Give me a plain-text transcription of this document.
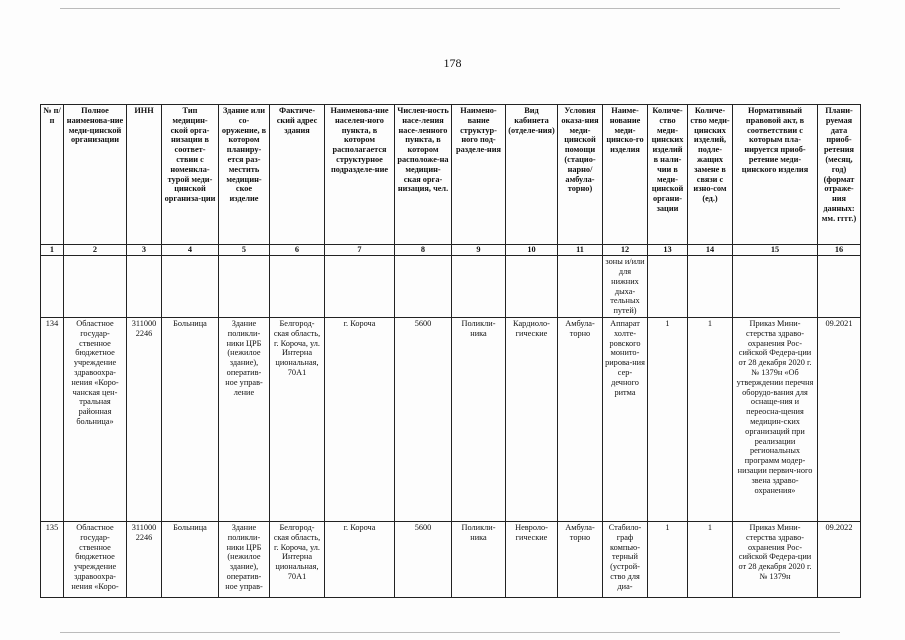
178
№ п/п	Полное наименова-ние меди-цинской организации	ИНН	Тип медицин-ской орга-низации в соответ-ствии с номенкла-турой меди-цинской организа-ции	Здание или со-оружение, в котором планиру-ется раз-местить медицин-ское изделие	Фактиче-ский адрес здания	Наименова-ние населен-ного пункта, в котором располагается структурное подразделе-ние	Числен-ность насе-ления насе-ленного пункта, в котором расположе-на медицин-ская орга-низация, чел.	Наимено-вание структур-ного под-разделе-ния	Вид кабинета (отделе-ния)	Условия оказа-ния меди-цинской помощи (стацио-нарно/ амбула-торно)	Наиме-нование меди-цинско-го изделия	Количе-ство меди-цинских изделий в нали-чии в меди-цинской органи-зации	Количе-ство меди-цинских изделий, подле-жащих замене в связи с изно-сом (ед.)	Нормативный правовой акт, в соответствии с которым пла-нируется приоб-ретение меди-цинского изделия	Плани-руемая дата приоб-ретения (месяц, год) (формат отраже-ния данных: мм. гггг.)
1	2	3	4	5	6	7	8	9	10	11	12	13	14	15	16
											зоны и/или для нижних дыха-тельных путей)				
134	Областное государ-ственное бюджетное учреждение здравоохра-нения «Коро-чанская цен-тральная районная больница»	311000 2246	Больница	Здание поликли-ники ЦРБ (нежилое здание), оператив-ное управ-ление	Белгород-ская область, г. Короча, ул. Интерна циональная, 70А1	г. Короча	5600	Поликли-ника	Кардиоло-гические	Амбула-торно	Аппарат холте-ровского монито-рирова-ния сер-дечного ритма	1	1	Приказ Мини-стерства здраво-охранения Рос-сийской Федера-ции от 28 декабря 2020 г. № 1379н «Об утверждении перечня оборудо-вания для оснаще-ния и переосна-щения медицин-ских организаций при реализации региональных программ модер-низации первич-ного звена здраво-охранения»	09.2021
135	Областное государ-ственное бюджетное учреждение здравоохра-нения «Коро-	311000 2246	Больница	Здание поликли-ники ЦРБ (нежилое здание), оператив-ное управ-	Белгород-ская область, г. Короча, ул. Интерна циональная, 70А1	г. Короча	5600	Поликли-ника	Невроло-гические	Амбула-торно	Стабило-граф компью-терный (устрой-ство для диа-	1	1	Приказ Мини-стерства здраво-охранения Рос-сийской Федера-ции от 28 декабря 2020 г. № 1379н	09.2022
